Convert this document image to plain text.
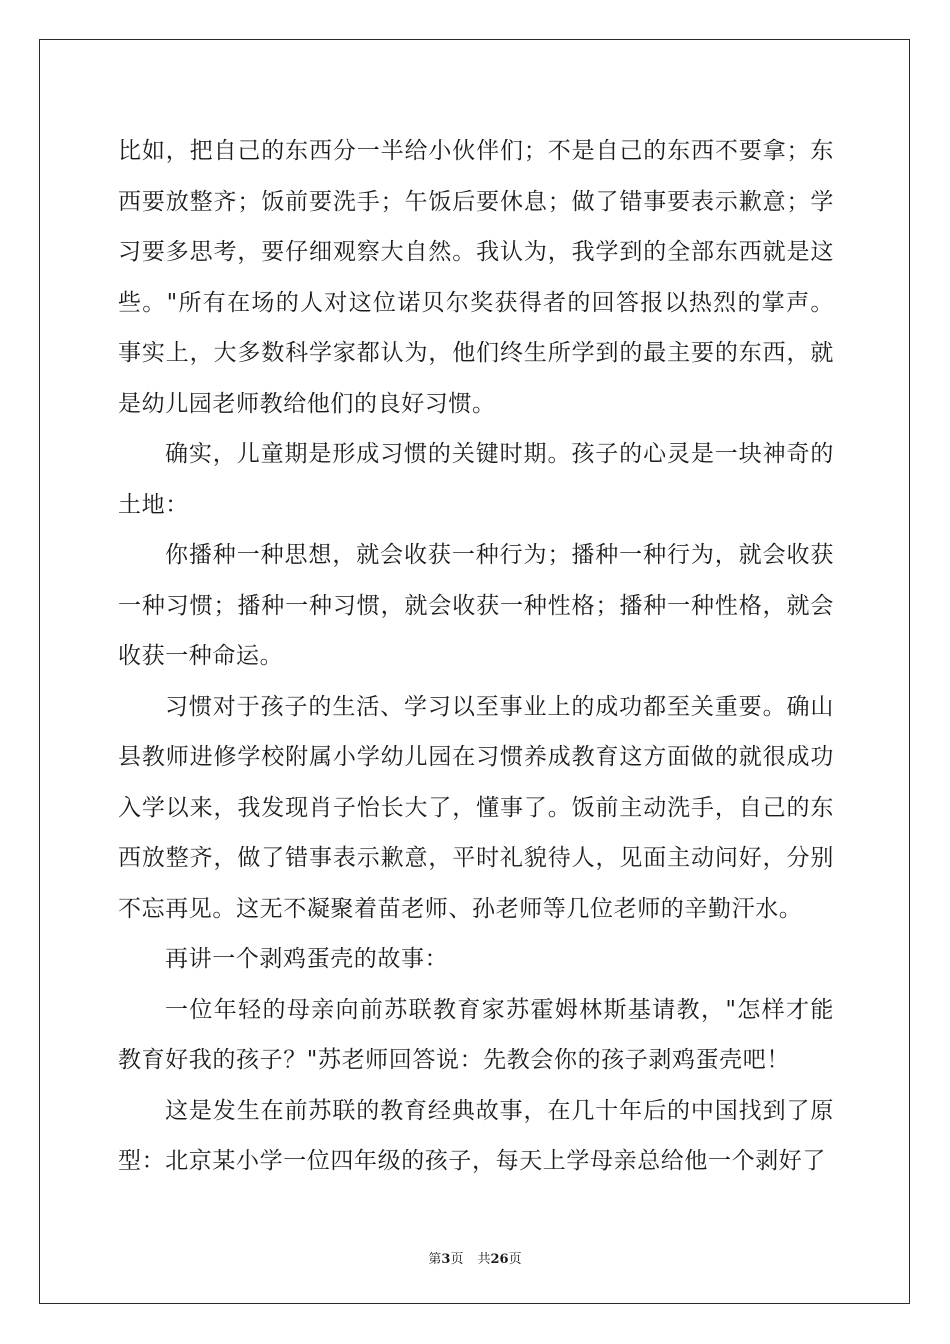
比如，把自己的东西分一半给小伙伴们；不是自己的东西不要拿；东西要放整齐；饭前要洗手；午饭后要休息；做了错事要表示歉意；学习要多思考，要仔细观察大自然。我认为，我学到的全部东西就是这些。"所有在场的人对这位诺贝尔奖获得者的回答报以热烈的掌声。事实上，大多数科学家都认为，他们终生所学到的最主要的东西，就是幼儿园老师教给他们的良好习惯。

确实，儿童期是形成习惯的关键时期。孩子的心灵是一块神奇的土地：

你播种一种思想，就会收获一种行为；播种一种行为，就会收获一种习惯；播种一种习惯，就会收获一种性格；播种一种性格，就会收获一种命运。

习惯对于孩子的生活、学习以至事业上的成功都至关重要。确山县教师进修学校附属小学幼儿园在习惯养成教育这方面做的就很成功入学以来，我发现肖子怡长大了，懂事了。饭前主动洗手，自己的东西放整齐，做了错事表示歉意，平时礼貌待人，见面主动问好，分别不忘再见。这无不凝聚着苗老师、孙老师等几位老师的辛勤汗水。

再讲一个剥鸡蛋壳的故事：

一位年轻的母亲向前苏联教育家苏霍姆林斯基请教，"怎样才能教育好我的孩子？"苏老师回答说：先教会你的孩子剥鸡蛋壳吧！

这是发生在前苏联的教育经典故事，在几十年后的中国找到了原型：北京某小学一位四年级的孩子，每天上学母亲总给他一个剥好了

第3页 共26页
